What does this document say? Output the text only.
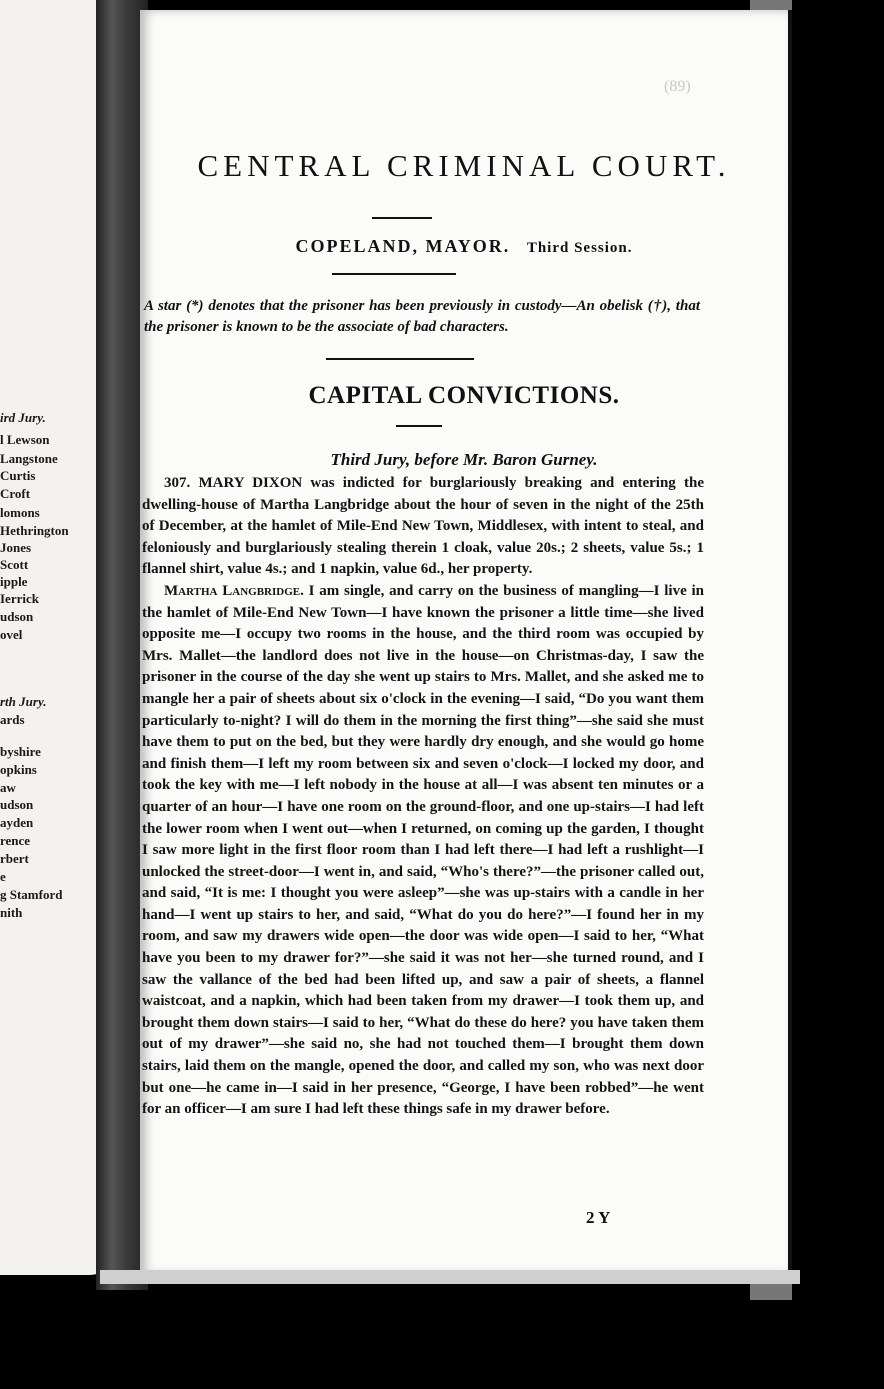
ird Jury.
l Lewson
Langstone
Curtis
Croft
lomons
Hethrington
Jones
Scott
ipple
Ierrick
udson
ovel
rth Jury.
ards
byshire
opkins
aw
udson
ayden
rence
rbert
e
g Stamford
nith
(89)
CENTRAL CRIMINAL COURT.
COPELAND, MAYOR. Third Session.
A star (*) denotes that the prisoner has been previously in custody—An obelisk (†), that the prisoner is known to be the associate of bad characters.
CAPITAL CONVICTIONS.
Third Jury, before Mr. Baron Gurney.

307. MARY DIXON was indicted for burglariously breaking and entering the dwelling-house of Martha Langbridge about the hour of seven in the night of the 25th of December, at the hamlet of Mile-End New Town, Middlesex, with intent to steal, and feloniously and burglariously stealing therein 1 cloak, value 20s.; 2 sheets, value 5s.; 1 flannel shirt, value 4s.; and 1 napkin, value 6d., her property.

Martha Langbridge. I am single, and carry on the business of mangling—I live in the hamlet of Mile-End New Town—I have known the prisoner a little time—she lived opposite me—I occupy two rooms in the house, and the third room was occupied by Mrs. Mallet—the landlord does not live in the house—on Christmas-day, I saw the prisoner in the course of the day she went up stairs to Mrs. Mallet, and she asked me to mangle her a pair of sheets about six o'clock in the evening—I said, “Do you want them particularly to-night? I will do them in the morning the first thing”—she said she must have them to put on the bed, but they were hardly dry enough, and she would go home and finish them—I left my room between six and seven o'clock—I locked my door, and took the key with me—I left nobody in the house at all—I was absent ten minutes or a quarter of an hour—I have one room on the ground-floor, and one up-stairs—I had left the lower room when I went out—when I returned, on coming up the garden, I thought I saw more light in the first floor room than I had left there—I had left a rushlight—I unlocked the street-door—I went in, and said, “Who's there?”—the prisoner called out, and said, “It is me: I thought you were asleep”—she was up-stairs with a candle in her hand—I went up stairs to her, and said, “What do you do here?”—I found her in my room, and saw my drawers wide open—the door was wide open—I said to her, “What have you been to my drawer for?”—she said it was not her—she turned round, and I saw the vallance of the bed had been lifted up, and saw a pair of sheets, a flannel waistcoat, and a napkin, which had been taken from my drawer—I took them up, and brought them down stairs—I said to her, “What do these do here? you have taken them out of my drawer”—she said no, she had not touched them—I brought them down stairs, laid them on the mangle, opened the door, and called my son, who was next door but one—he came in—I said in her presence, “George, I have been robbed”—he went for an officer—I am sure I had left these things safe in my drawer before.

2 Y
